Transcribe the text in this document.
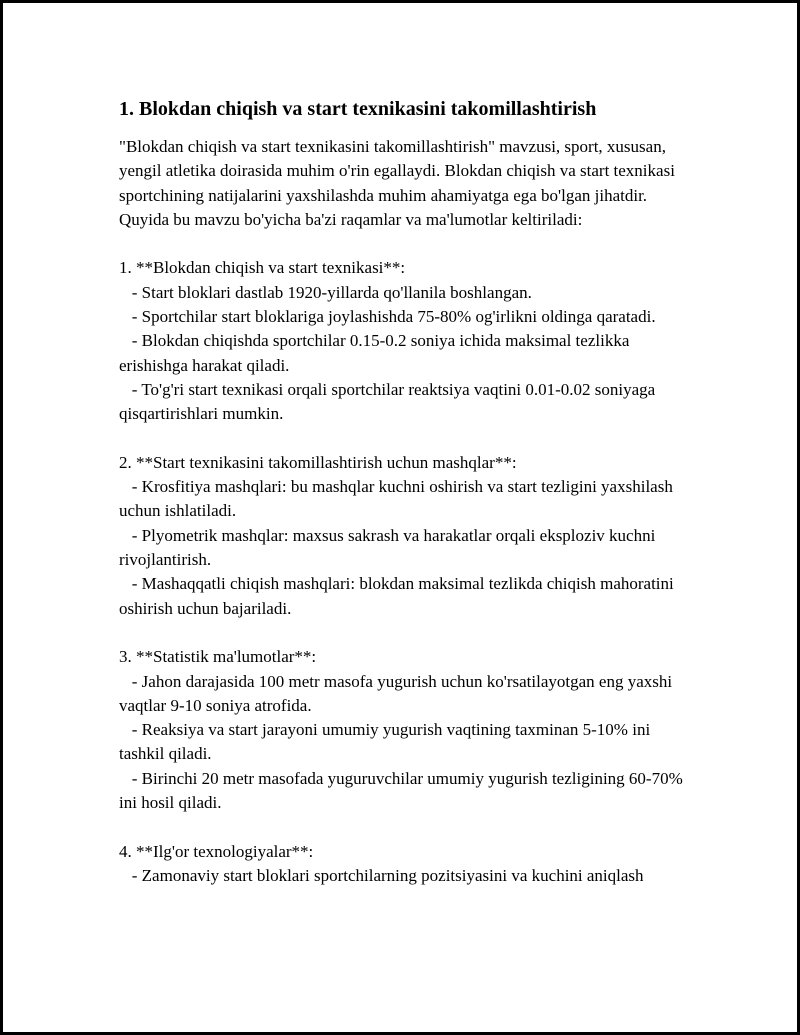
1. Blokdan chiqish va start texnikasini takomillashtirish

"Blokdan chiqish va start texnikasini takomillashtirish" mavzusi, sport, xususan, yengil atletika doirasida muhim o'rin egallaydi. Blokdan chiqish va start texnikasi sportchining natijalarini yaxshilashda muhim ahamiyatga ega bo'lgan jihatdir. Quyida bu mavzu bo'yicha ba'zi raqamlar va ma'lumotlar keltiriladi:

1. **Blokdan chiqish va start texnikasi**:
- Start bloklari dastlab 1920-yillarda qo'llanila boshlangan.
- Sportchilar start bloklariga joylashishda 75-80% og'irlikni oldinga qaratadi.
- Blokdan chiqishda sportchilar 0.15-0.2 soniya ichida maksimal tezlikka erishishga harakat qiladi.
- To'g'ri start texnikasi orqali sportchilar reaktsiya vaqtini 0.01-0.02 soniyaga qisqartirishlari mumkin.
2. **Start texnikasini takomillashtirish uchun mashqlar**:
- Krosfitiya mashqlari: bu mashqlar kuchni oshirish va start tezligini yaxshilash uchun ishlatiladi.
- Plyometrik mashqlar: maxsus sakrash va harakatlar orqali eksploziv kuchni rivojlantirish.
- Mashaqqatli chiqish mashqlari: blokdan maksimal tezlikda chiqish mahoratini oshirish uchun bajariladi.
3. **Statistik ma'lumotlar**:
- Jahon darajasida 100 metr masofa yugurish uchun ko'rsatilayotgan eng yaxshi vaqtlar 9-10 soniya atrofida.
- Reaksiya va start jarayoni umumiy yugurish vaqtining taxminan 5-10% ini tashkil qiladi.
- Birinchi 20 metr masofada yuguruvchilar umumiy yugurish tezligining 60-70% ini hosil qiladi.
4. **Ilg'or texnologiyalar**:
- Zamonaviy start bloklari sportchilarning pozitsiyasini va kuchini aniqlash
